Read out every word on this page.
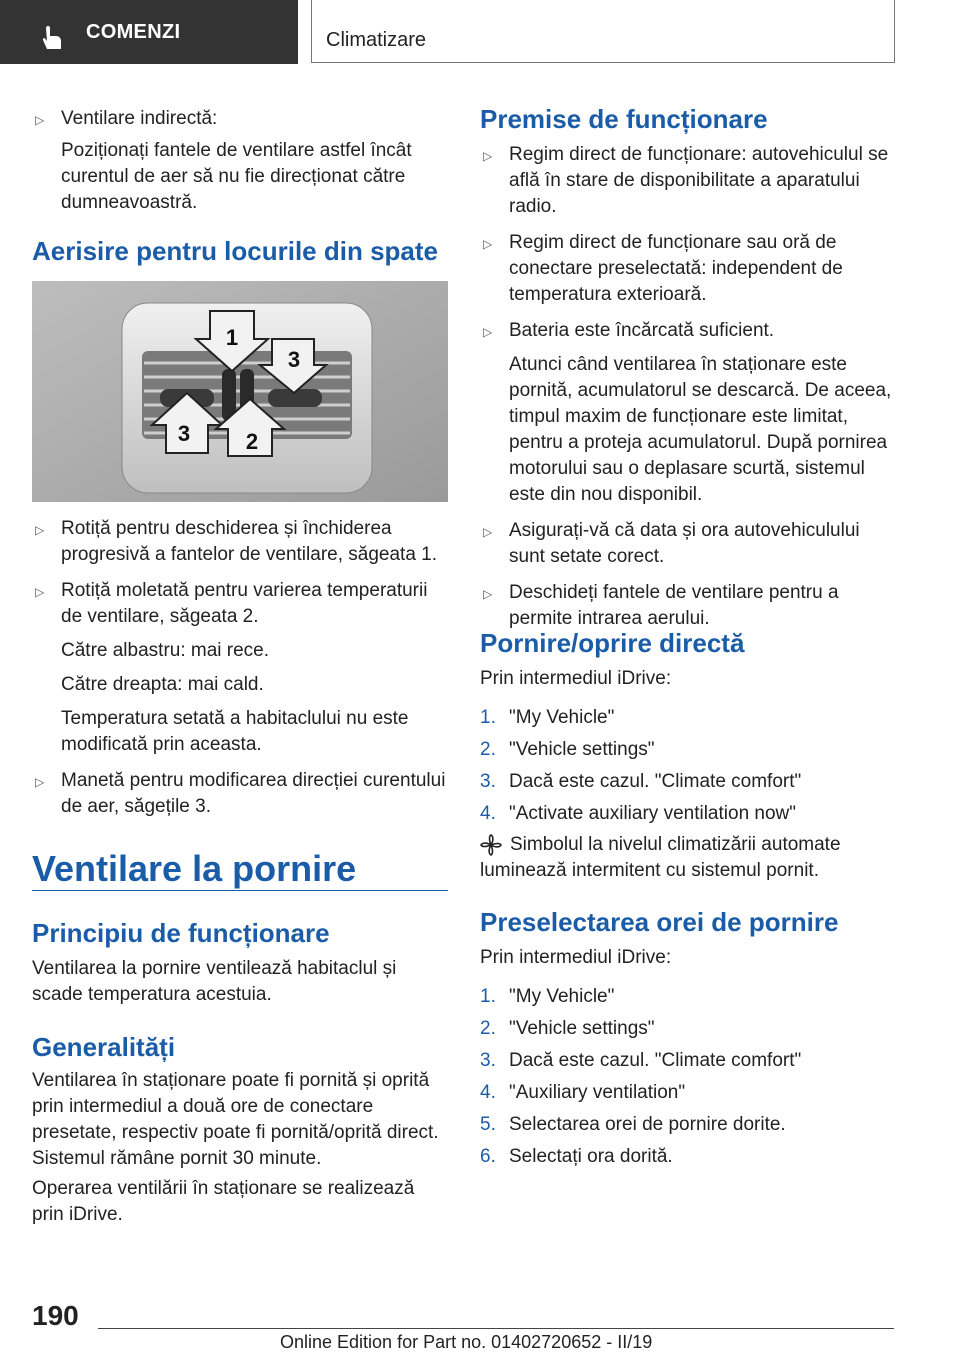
COMENZI	Climatizare
▷ Ventilare indirectă:

Poziționați fantele de ventilare astfel încât curentul de aer să nu fie direcționat către dumneavoastră.

Aerisire pentru locurile din spate
1
2
3
3
▷ Rotiță pentru deschiderea și închiderea progresivă a fantelor de ventilare, săgeata 1.

▷ Rotiță moletată pentru varierea temperaturii de ventilare, săgeata 2.

Către albastru: mai rece.

Către dreapta: mai cald.

Temperatura setată a habitaclului nu este modificată prin aceasta.

▷ Manetă pentru modificarea direcției curentului de aer, săgețile 3.

Ventilare la pornire
Principiu de funcționare

Ventilarea la pornire ventilează habitaclul și scade temperatura acestuia.

Generalități

Ventilarea în staționare poate fi pornită și oprită prin intermediul a două ore de conectare presetate, respectiv poate fi pornită/oprită direct. Sistemul rămâne pornit 30 minute.

Operarea ventilării în staționare se realizează prin iDrive.

Premise de funcționare
▷ Regim direct de funcționare: autovehiculul se află în stare de disponibilitate a aparatului radio.

▷ Regim direct de funcționare sau oră de conectare preselectată: independent de temperatura exterioară.

▷ Bateria este încărcată suficient.

Atunci când ventilarea în staționare este pornită, acumulatorul se descarcă. De aceea, timpul maxim de funcționare este limitat, pentru a proteja acumulatorul. După pornirea motorului sau o deplasare scurtă, sistemul este din nou disponibil.

▷ Asigurați-vă că data și ora autovehiculului sunt setate corect.

▷ Deschideți fantele de ventilare pentru a permite intrarea aerului.

Pornire/oprire directă

Prin intermediul iDrive:

1. "My Vehicle"
2. "Vehicle settings"
3. Dacă este cazul. "Climate comfort"
4. "Activate auxiliary ventilation now"
Simbolul la nivelul climatizării automate luminează intermitent cu sistemul pornit.
Preselectarea orei de pornire

Prin intermediul iDrive:

1. "My Vehicle"
2. "Vehicle settings"
3. Dacă este cazul. "Climate comfort"
4. "Auxiliary ventilation"
5. Selectarea orei de pornire dorite.
6. Selectați ora dorită.
190
Online Edition for Part no. 01402720652 - II/19
